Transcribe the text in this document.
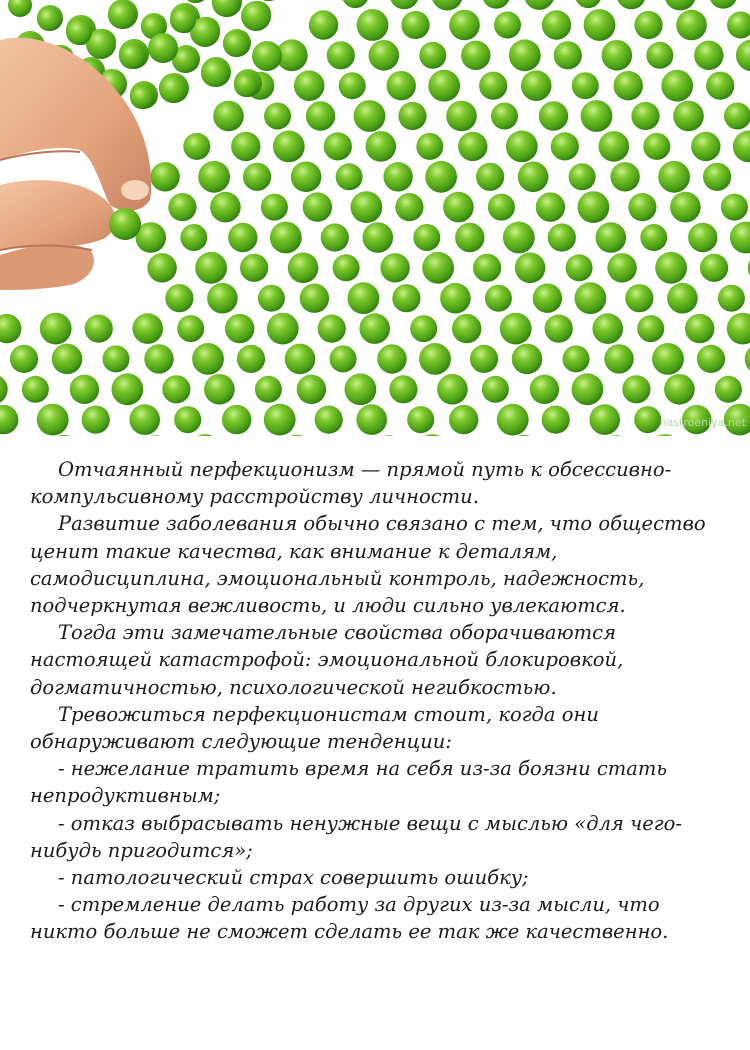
nastroeniya.net

Отчаянный перфекционизм — прямой путь к обсессивно-компульсивному расстройству личности.

Развитие заболевания обычно связано с тем, что общество ценит такие качества, как внимание к деталям, самодисциплина, эмоциональный контроль, надежность, подчеркнутая вежливость, и люди сильно увлекаются.

Тогда эти замечательные свойства оборачиваются настоящей катастрофой: эмоциональной блокировкой, догматичностью, психологической негибкостью.

Тревожиться перфекционистам стоит, когда они обнаруживают следующие тенденции:

- нежелание тратить время на себя из-за боязни стать непродуктивным;

- отказ выбрасывать ненужные вещи с мыслью «для чего-нибудь пригодится»;

- патологический страх совершить ошибку;

- стремление делать работу за других из-за мысли, что никто больше не сможет сделать ее так же качественно.
